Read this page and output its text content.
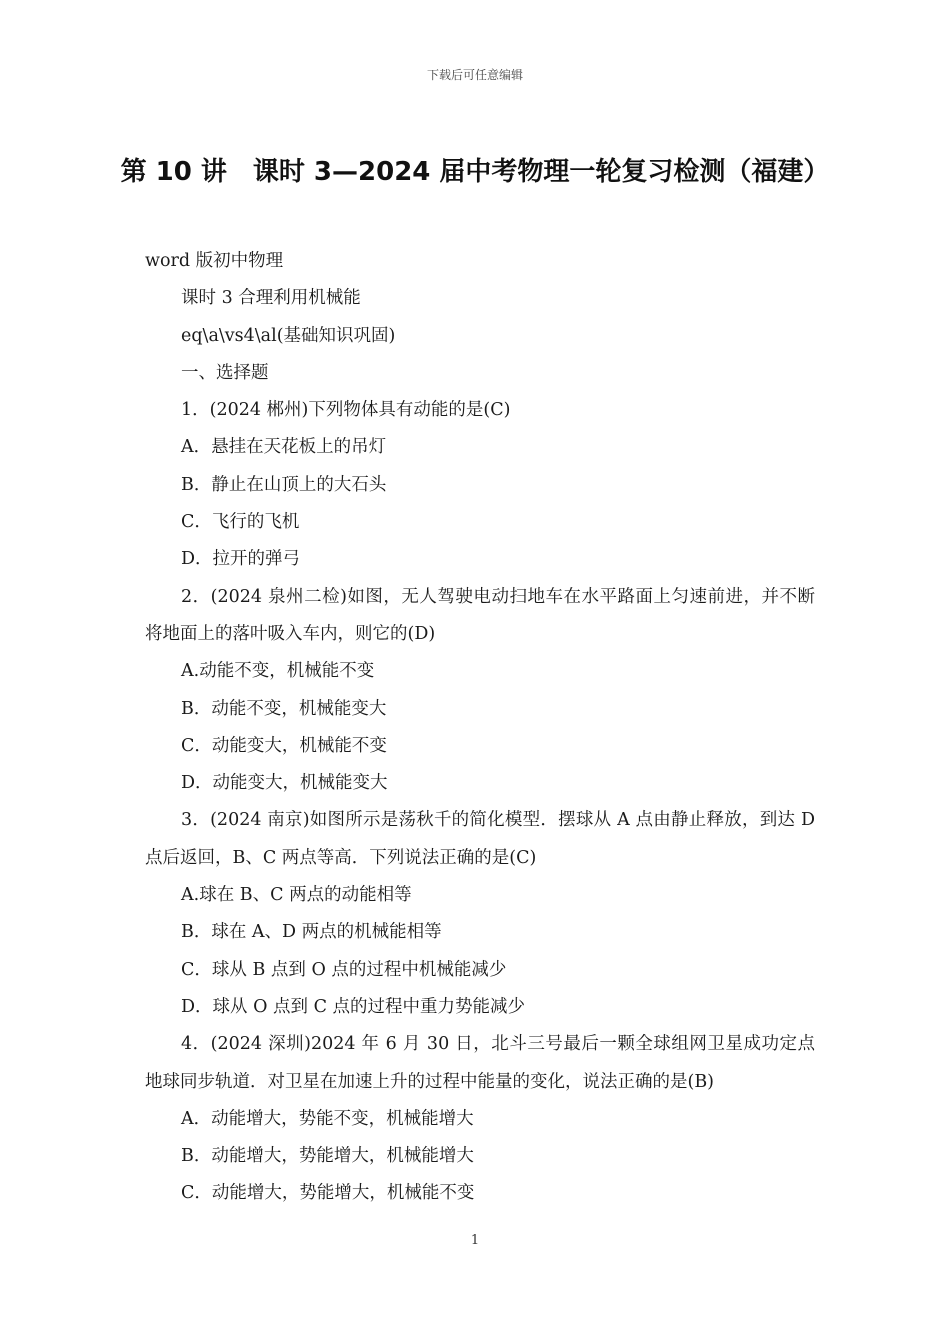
下载后可任意编辑
第 10 讲　课时 3—2024 届中考物理一轮复习检测（福建）

word 版初中物理

课时 3 合理利用机械能

eq\a\vs4\al(基础知识巩固)

一、选择题

1．(2024 郴州)下列物体具有动能的是(C)

A．悬挂在天花板上的吊灯

B．静止在山顶上的大石头

C．飞行的飞机

D．拉开的弹弓

2．(2024 泉州二检)如图，无人驾驶电动扫地车在水平路面上匀速前进，并不断将地面上的落叶吸入车内，则它的(D)

A.动能不变，机械能不变

B．动能不变，机械能变大

C．动能变大，机械能不变

D．动能变大，机械能变大

3．(2024 南京)如图所示是荡秋千的简化模型．摆球从 A 点由静止释放，到达 D 点后返回，B、C 两点等高．下列说法正确的是(C)

A.球在 B、C 两点的动能相等

B．球在 A、D 两点的机械能相等

C．球从 B 点到 O 点的过程中机械能减少

D．球从 O 点到 C 点的过程中重力势能减少

4．(2024 深圳)2024 年 6 月 30 日，北斗三号最后一颗全球组网卫星成功定点地球同步轨道．对卫星在加速上升的过程中能量的变化，说法正确的是(B)

A．动能增大，势能不变，机械能增大

B．动能增大，势能增大，机械能增大

C．动能增大，势能增大，机械能不变

1
